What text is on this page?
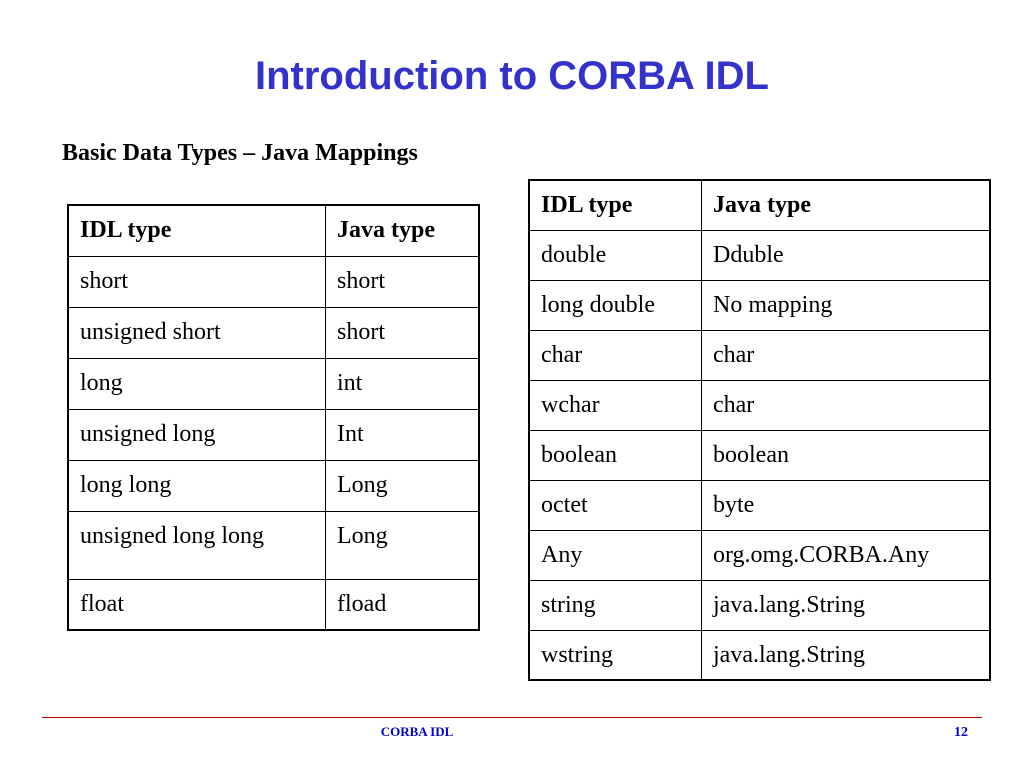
Introduction to CORBA IDL
Basic Data Types – Java Mappings
IDL type	Java type
short	short
unsigned short	short
long	int
unsigned long	Int
long long	Long
unsigned long long	Long
float	fload
IDL type	Java type
double	Dduble
long double	No mapping
char	char
wchar	char
boolean	boolean
octet	byte
Any	org.omg.CORBA.Any
string	java.lang.String
wstring	java.lang.String
CORBA IDL	12
